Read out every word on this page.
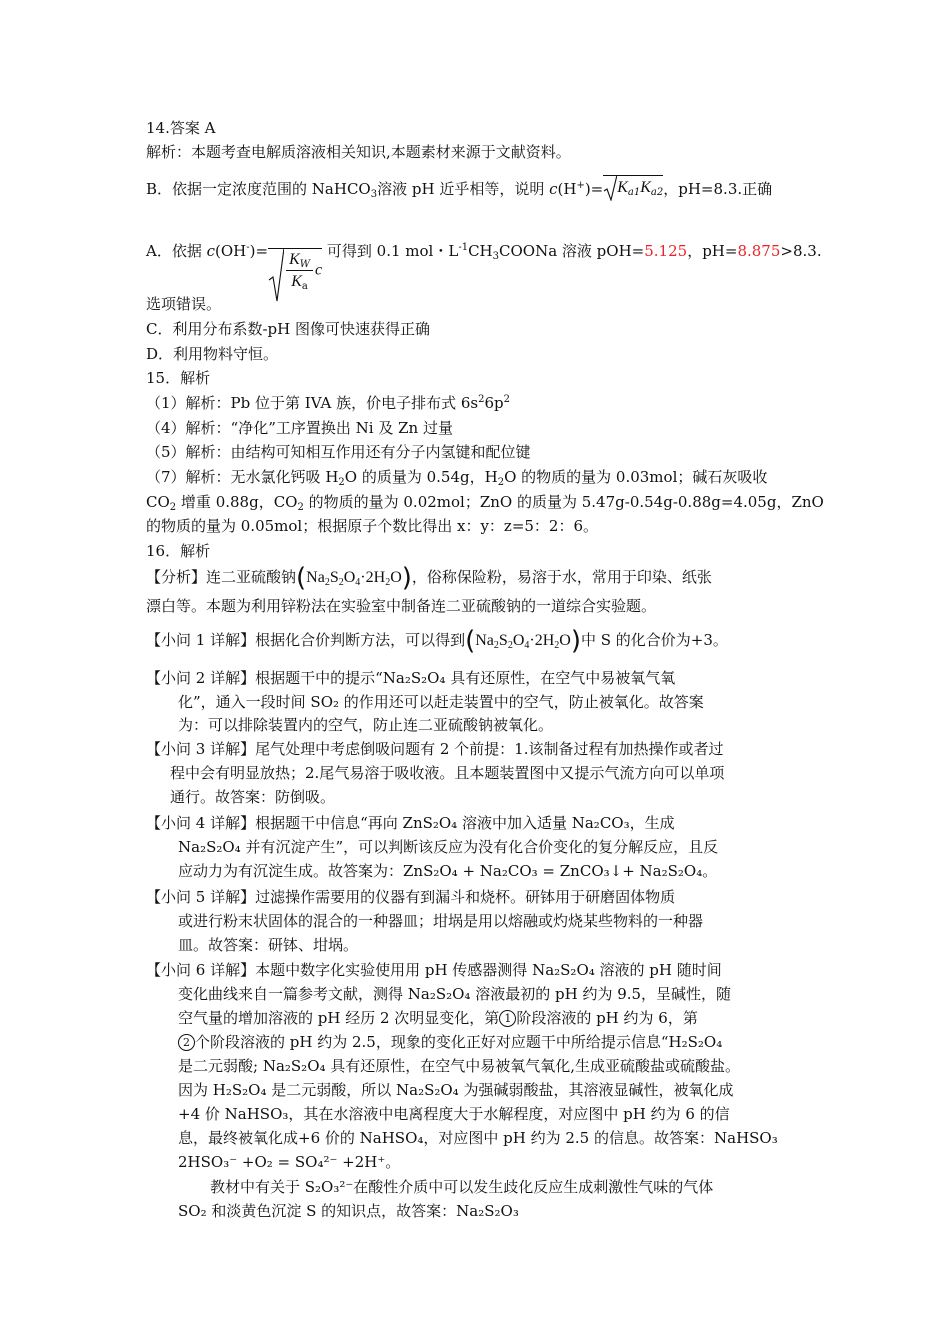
14.答案 A
解析：本题考查电解质溶液相关知识,本题素材来源于文献资料。
B．依据一定浓度范围的 NaHCO$_3$溶液 pH 近乎相等，说明 $c(H^+)= K_{a1}K_{a2}$，pH=8.3.正确
A．依据 $c(OH^-)= \frac{K_W}{K_a}$ c 可得到 0.1 mol・$L^{-1}CH_3COONa$ 溶液 pOH=5.125，pH=8.875>8.3.
选项错误。
C．利用分布系数-pH 图像可快速获得正确
D．利用物料守恒。
15．解析
（1）解析：Pb 位于第 IVA 族，价电子排布式 $6s^26p^2$
（4）解析：“净化”工序置换出 Ni 及 Zn 过量
（5）解析：由结构可知相互作用还有分子内氢键和配位键
（7）解析：无水氯化钙吸 $H_2O$ 的质量为 0.54g，$H_2O$ 的物质的量为 0.03mol；碱石灰吸收
$CO_2$ 增重 0.88g，$CO_2$ 的物质的量为 0.02mol；ZnO 的质量为 5.47g-0.54g-0.88g=4.05g，ZnO
的物质的量为 0.05mol；根据原子个数比得出 x：y：z=5：2：6。
16．解析
【分析】连二亚硫酸钠$(Na_2S_2O_4\cdot 2H_2O)$，俗称保险粉，易溶于水，常用于印染、纸张
漂白等。本题为利用锌粉法在实验室中制备连二亚硫酸钠的一道综合实验题。
【小问 1 详解】根据化合价判断方法，可以得到$(Na_2S_2O_4\cdot 2H_2O)$中 S 的化合价为+3。
【小问 2 详解】根据题干中的提示“Na₂S₂O₄ 具有还原性，在空气中易被氧气氧
化”，通入一段时间 SO₂ 的作用还可以赶走装置中的空气，防止被氧化。故答案
为：可以排除装置内的空气，防止连二亚硫酸钠被氧化。
【小问 3 详解】尾气处理中考虑倒吸问题有 2 个前提：1.该制备过程有加热操作或者过
程中会有明显放热；2.尾气易溶于吸收液。且本题装置图中又提示气流方向可以单项
通行。故答案：防倒吸。
【小问 4 详解】根据题干中信息“再向 ZnS₂O₄ 溶液中加入适量 Na₂CO₃，生成
Na₂S₂O₄ 并有沉淀产生”，可以判断该反应为没有化合价变化的复分解反应，且反
应动力为有沉淀生成。故答案为：ZnS₂O₄ + Na₂CO₃ = ZnCO₃↓+ Na₂S₂O₄。
【小问 5 详解】过滤操作需要用的仪器有到漏斗和烧杯。研钵用于研磨固体物质
或进行粉末状固体的混合的一种器皿；坩埚是用以熔融或灼烧某些物料的一种器
皿。故答案：研钵、坩埚。
【小问 6 详解】本题中数字化实验使用用 pH 传感器测得 Na₂S₂O₄ 溶液的 pH 随时间
变化曲线来自一篇参考文献，测得 Na₂S₂O₄ 溶液最初的 pH 约为 9.5，呈碱性，随
空气量的增加溶液的 pH 经历 2 次明显变化，第 1 阶段溶液的 pH 约为 6，第
2 个阶段溶液的 pH 约为 2.5，现象的变化正好对应题干中所给提示信息“H₂S₂O₄
是二元弱酸; Na₂S₂O₄ 具有还原性，在空气中易被氧气氧化,生成亚硫酸盐或硫酸盐。
因为 H₂S₂O₄ 是二元弱酸，所以 Na₂S₂O₄ 为强碱弱酸盐，其溶液显碱性，被氧化成
+4 价 NaHSO₃，其在水溶液中电离程度大于水解程度，对应图中 pH 约为 6 的信
息，最终被氧化成+6 价的 NaHSO₄，对应图中 pH 约为 2.5 的信息。故答案：NaHSO₃
2HSO₃⁻ +O₂ = SO₄²⁻ +2H⁺。
教材中有关于 S₂O₃²⁻在酸性介质中可以发生歧化反应生成刺激性气味的气体
SO₂ 和淡黄色沉淀 S 的知识点，故答案：Na₂S₂O₃
